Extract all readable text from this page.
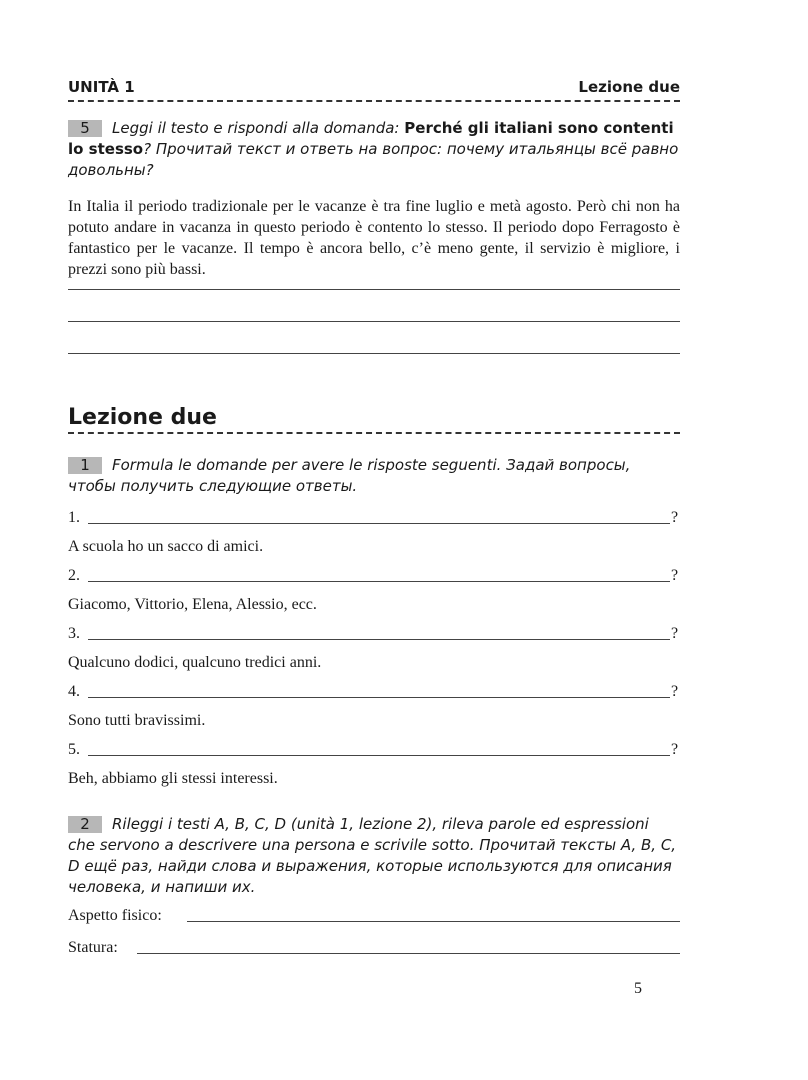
UNITÀ 1	Lezione due
5 Leggi il testo e rispondi alla domanda: Perché gli italiani sono contenti lo stesso? Прочитай текст и ответь на вопрос: почему итальянцы всё равно довольны?
In Italia il periodo tradizionale per le vacanze è tra fine luglio e metà agosto. Però chi non ha potuto andare in vacanza in questo periodo è contento lo stesso. Il periodo dopo Ferragosto è fantastico per le vacanze. Il tempo è ancora bello, c’è meno gente, il servizio è migliore, i prezzi sono più bassi.
Lezione due
1 Formula le domande per avere le risposte seguenti. Задай вопросы, чтобы получить следующие ответы.
1.	?
A scuola ho un sacco di amici.
2.	?
Giacomo, Vittorio, Elena, Alessio, ecc.
3.	?
Qualcuno dodici, qualcuno tredici anni.
4.	?
Sono tutti bravissimi.
5.	?
Beh, abbiamo gli stessi interessi.
2 Rileggi i testi A, B, C, D (unità 1, lezione 2), rileva parole ed espressioni che servono a descrivere una persona e scrivile sotto. Прочитай тексты A, B, C, D ещё раз, найди слова и выражения, которые используются для описания человека, и напиши их.
Aspetto fisico:
Statura:
5
